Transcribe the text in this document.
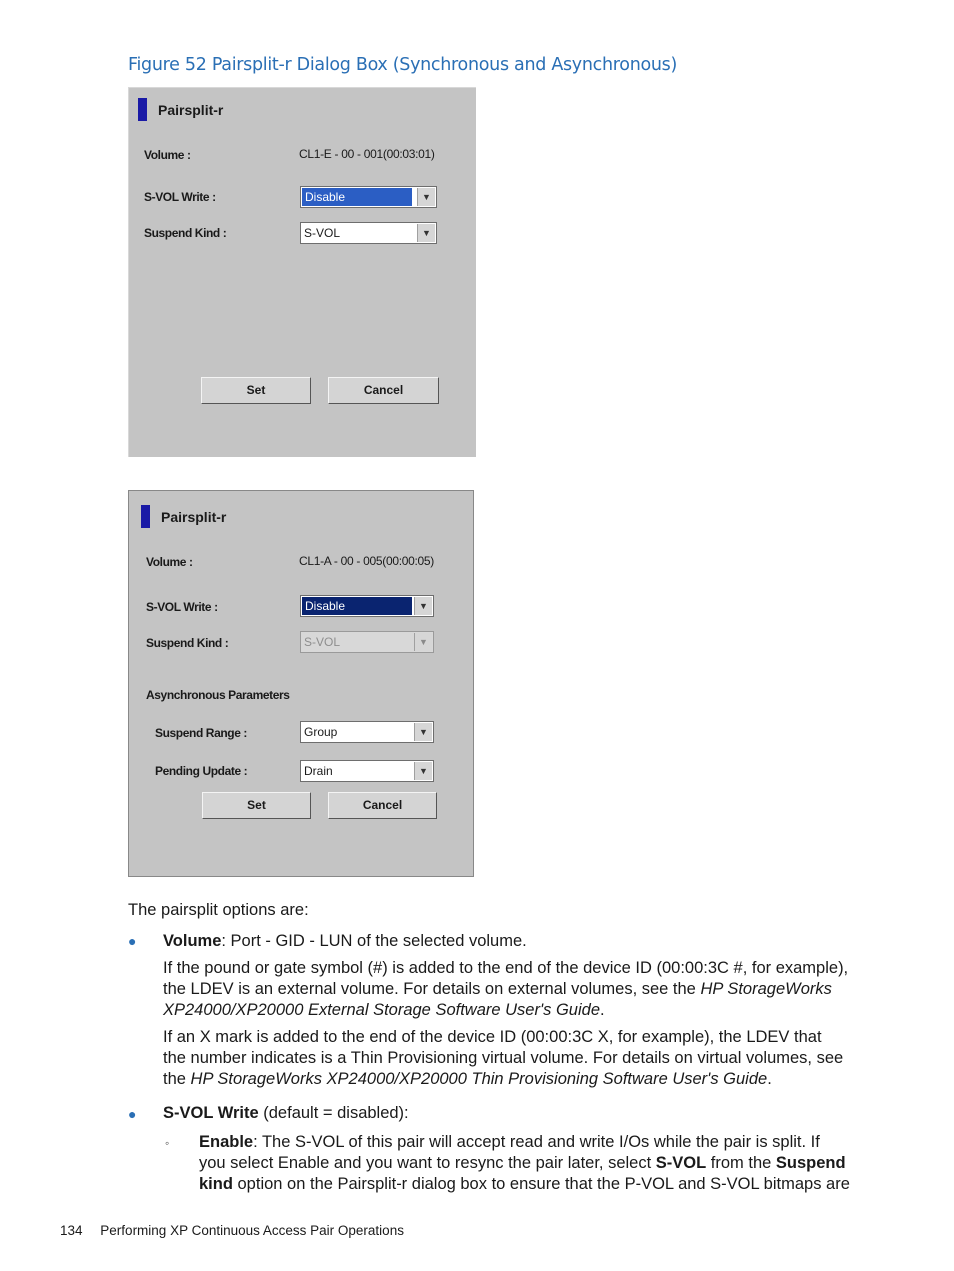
Figure 52 Pairsplit-r Dialog Box (Synchronous and Asynchronous)
Pairsplit-r
Volume :	CL1-E - 00 - 001(00:03:01)
S-VOL Write :	Disable	▼
Suspend Kind :	S-VOL	▼
Set	Cancel
Pairsplit-r
Volume :	CL1-A - 00 - 005(00:00:05)
S-VOL Write :	Disable	▼
Suspend Kind :	S-VOL	▼
Asynchronous Parameters
Suspend Range :	Group	▼
Pending Update :	Drain	▼
Set	Cancel
The pairsplit options are:
● Volume: Port - GID - LUN of the selected volume.
If the pound or gate symbol (#) is added to the end of the device ID (00:00:3C #, for example),
the LDEV is an external volume. For details on external volumes, see the HP StorageWorks
XP24000/XP20000 External Storage Software User's Guide.
If an X mark is added to the end of the device ID (00:00:3C X, for example), the LDEV that
the number indicates is a Thin Provisioning virtual volume. For details on virtual volumes, see
the HP StorageWorks XP24000/XP20000 Thin Provisioning Software User's Guide.
● S-VOL Write (default = disabled):
◦ Enable: The S-VOL of this pair will accept read and write I/Os while the pair is split. If
you select Enable and you want to resync the pair later, select S-VOL from the Suspend
kind option on the Pairsplit-r dialog box to ensure that the P-VOL and S-VOL bitmaps are
134 Performing XP Continuous Access Pair Operations
